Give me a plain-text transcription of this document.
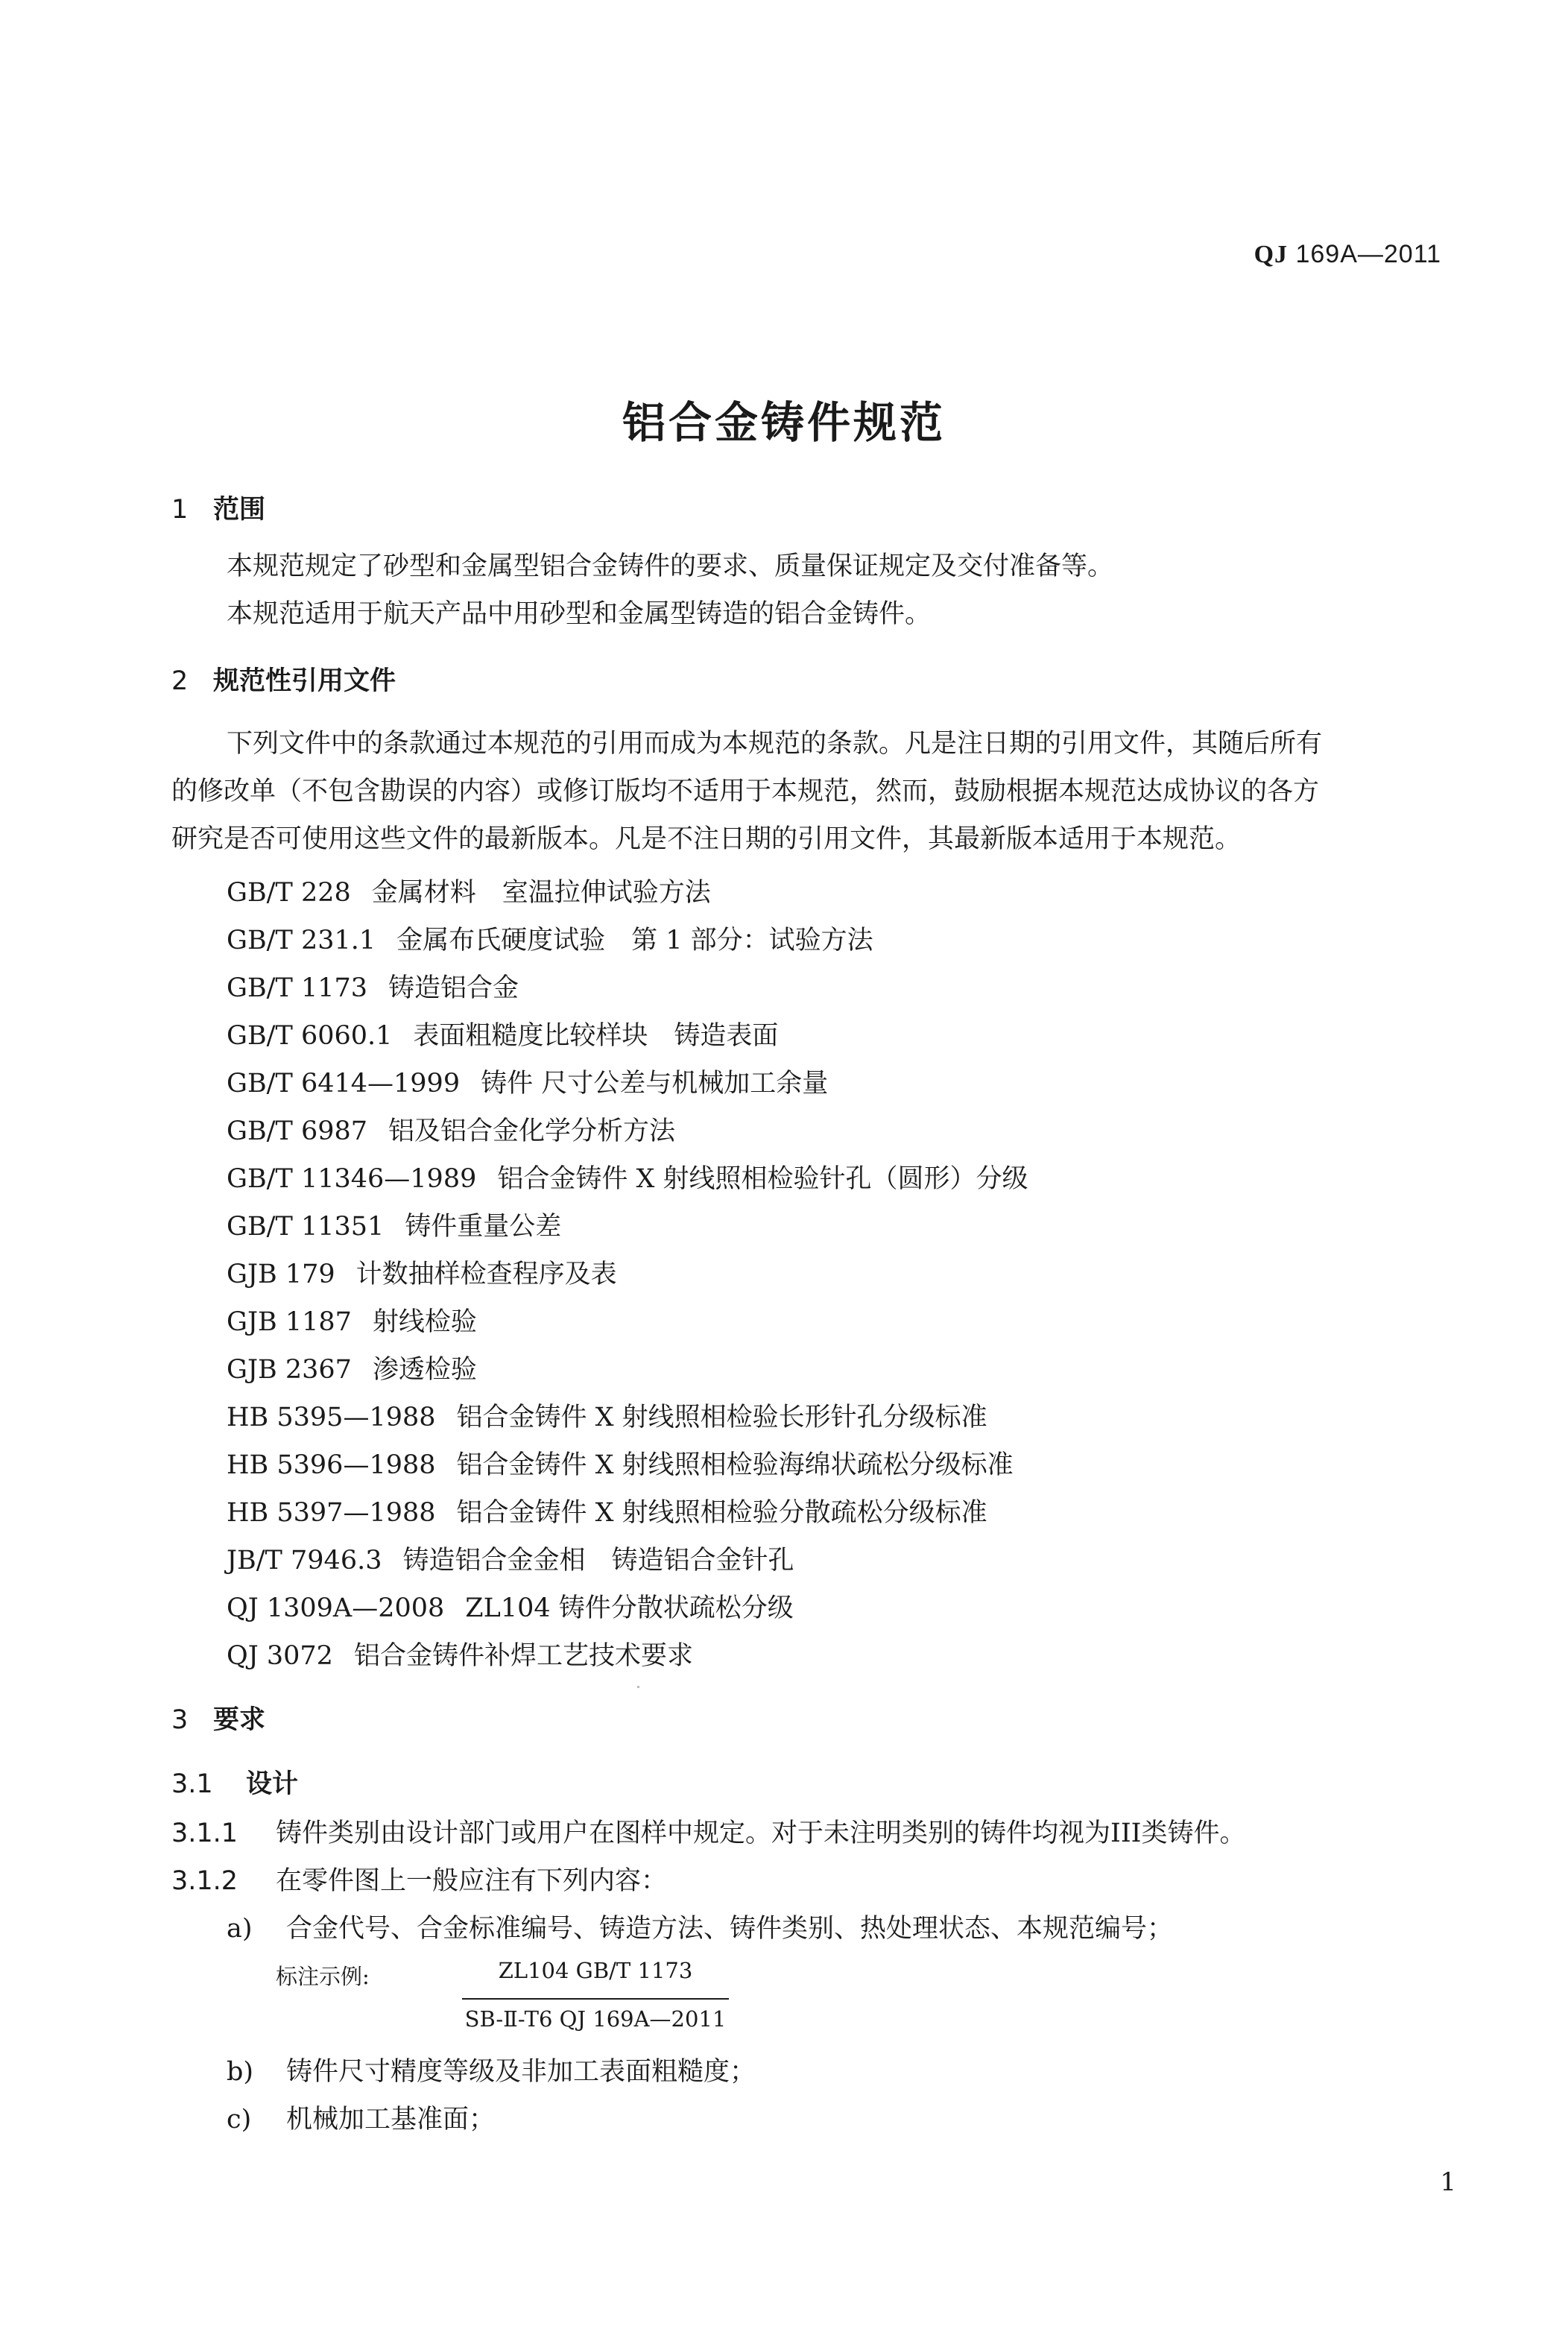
QJ 169A—2011
铝合金铸件规范
1 范围
本规范规定了砂型和金属型铝合金铸件的要求、质量保证规定及交付准备等。
本规范适用于航天产品中用砂型和金属型铸造的铝合金铸件。
2 规范性引用文件
下列文件中的条款通过本规范的引用而成为本规范的条款。凡是注日期的引用文件，其随后所有
的修改单（不包含勘误的内容）或修订版均不适用于本规范，然而，鼓励根据本规范达成协议的各方
研究是否可使用这些文件的最新版本。凡是不注日期的引用文件，其最新版本适用于本规范。
GB/T 228 金属材料　室温拉伸试验方法
GB/T 231.1 金属布氏硬度试验　第 1 部分：试验方法
GB/T 1173 铸造铝合金
GB/T 6060.1 表面粗糙度比较样块　铸造表面
GB/T 6414—1999 铸件 尺寸公差与机械加工余量
GB/T 6987 铝及铝合金化学分析方法
GB/T 11346—1989 铝合金铸件 X 射线照相检验针孔（圆形）分级
GB/T 11351 铸件重量公差
GJB 179 计数抽样检查程序及表
GJB 1187 射线检验
GJB 2367 渗透检验
HB 5395—1988 铝合金铸件 X 射线照相检验长形针孔分级标准
HB 5396—1988 铝合金铸件 X 射线照相检验海绵状疏松分级标准
HB 5397—1988 铝合金铸件 X 射线照相检验分散疏松分级标准
JB/T 7946.3 铸造铝合金金相　铸造铝合金针孔
QJ 1309A—2008 ZL104 铸件分散状疏松分级
QJ 3072 铝合金铸件补焊工艺技术要求
3 要求
3.1 设计
3.1.1 铸件类别由设计部门或用户在图样中规定。对于未注明类别的铸件均视为III类铸件。
3.1.2 在零件图上一般应注有下列内容：
a) 合金代号、合金标准编号、铸造方法、铸件类别、热处理状态、本规范编号；
标注示例:	ZL104 GB/T 1173
SB-Ⅱ-T6 QJ 169A—2011
b) 铸件尺寸精度等级及非加工表面粗糙度；
c) 机械加工基准面；
1
